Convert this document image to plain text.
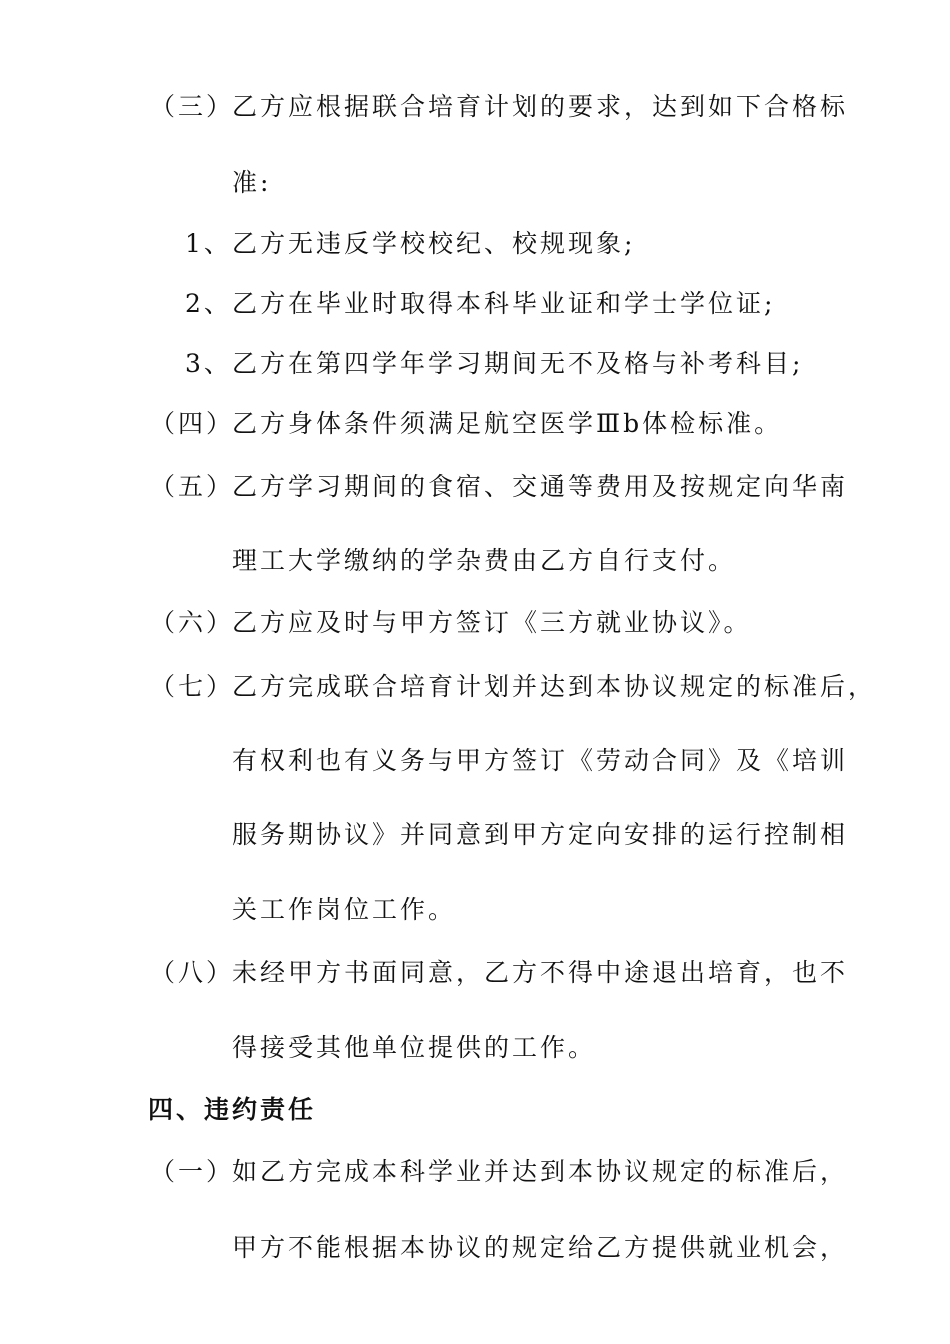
（三）
乙方应根据联合培育计划的要求，达到如下合格标
准:
1、 乙方无违反学校校纪、校规现象;
2、 乙方在毕业时取得本科毕业证和学士学位证;
3、 乙方在第四学年学习期间无不及格与补考科目;
（四）
乙方身体条件须满足航空医学Ⅲb体检标准。
（五）
乙方学习期间的食宿、交通等费用及按规定向华南
理工大学缴纳的学杂费由乙方自行支付。
（六）
乙方应及时与甲方签订《三方就业协议》。
（七）
乙方完成联合培育计划并达到本协议规定的标准后，
有权利也有义务与甲方签订《劳动合同》及《培训
服务期协议》并同意到甲方定向安排的运行控制相
关工作岗位工作。
（八）
未经甲方书面同意，乙方不得中途退出培育，也不
得接受其他单位提供的工作。
四、违约责任
（一）
如乙方完成本科学业并达到本协议规定的标准后，
甲方不能根据本协议的规定给乙方提供就业机会，
